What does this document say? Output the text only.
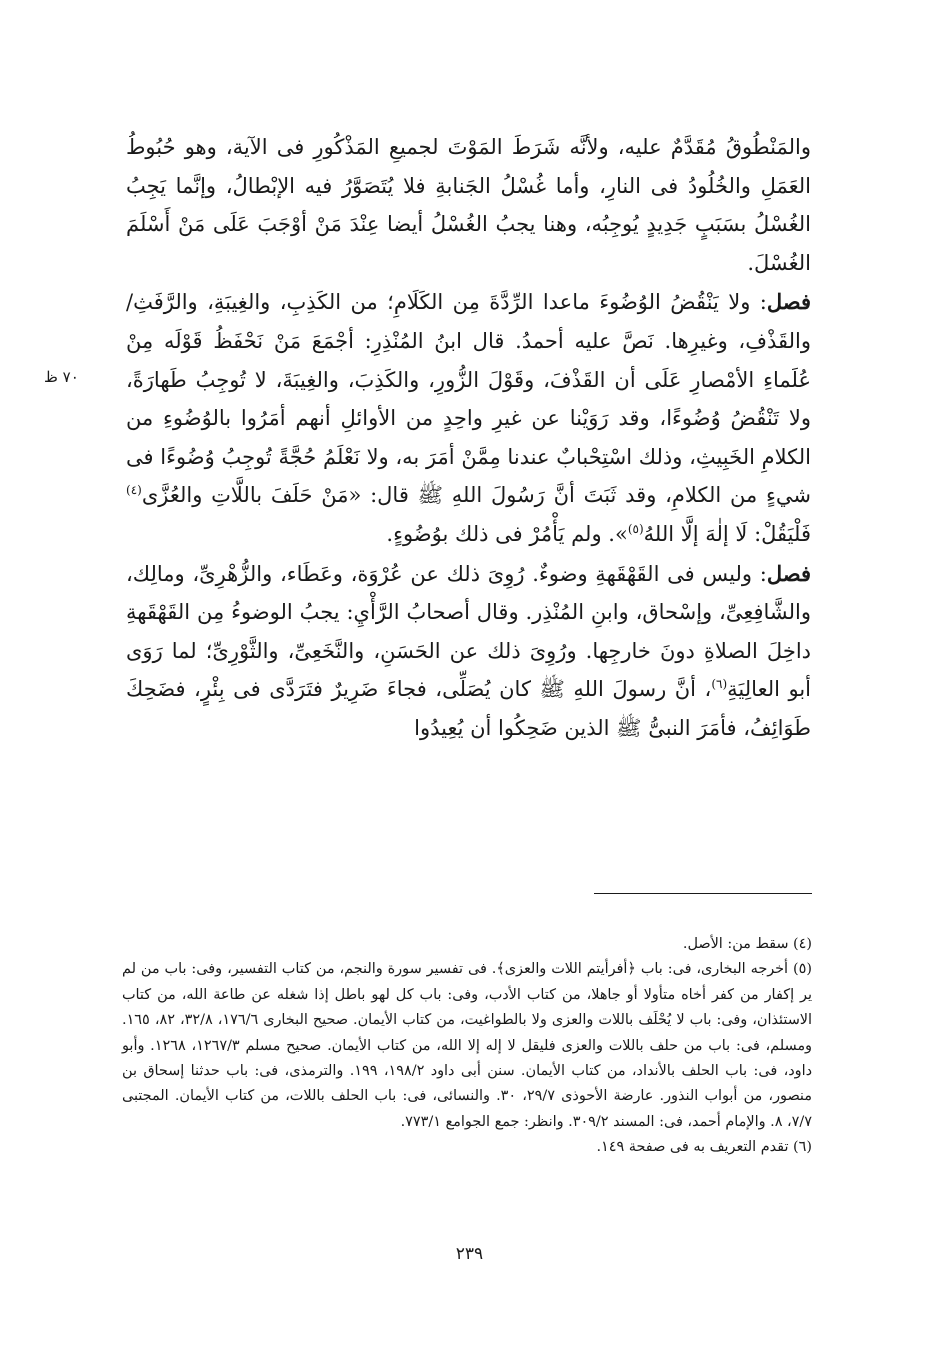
والمَنْطُوقُ مُقَدَّمٌ عليه، ولأنَّه شَرَطَ المَوْتَ لجميعِ المَذْكُورِ فى الآية، وهو حُبُوطُ العَمَلِ والخُلُودُ فى النارِ، وأما غُسْلُ الجَنابةِ فلا يُتَصَوَّرُ فيه الإبْطالُ، وإنَّما يَجِبُ الغُسْلُ بسَبَبٍ جَدِيدٍ يُوجِبُه، وهنا يجبُ الغُسْلُ أيضا عِنْدَ مَنْ أوْجَبَ عَلَى مَنْ أَسْلَمَ الغُسْلَ.

فصل: ولا يَنْقُضُ الوُضُوءَ ماعدا الرِّدَّةَ مِن الكَلَامِ؛ من الكَذِبِ، والغِيبَةِ، والرَّفَثِ/ والقَذْفِ، وغيرِها. نَصَّ عليه أحمدُ. قال ابنُ المُنْذِرِ: أجْمَعَ مَنْ نَحْفَظُ قَوْلَه مِنْ عُلَماءِ الأمْصارِ عَلَى أن القَذْفَ، وقَوْلَ الزُّورِ، والكَذِبَ، والغِيبَةَ، لا تُوجِبُ طَهارَةً، ولا تَنْقُضُ وُضُوءًا، وقد رَوَيْنا عن غيرِ واحِدٍ من الأوائلِ أنهم أمَرُوا بالوُضُوءِ من الكلامِ الخَبِيثِ، وذلك اسْتِحْبابٌ عندنا مِمَّنْ أمَرَ به، ولا نَعْلَمُ حُجَّةً تُوجِبُ وُضُوءًا فى شيءٍ من الكلامِ، وقد ثَبَتَ أنَّ رَسُولَ اللهِ ﷺ قال: «مَنْ حَلَفَ باللَّاتِ والعُزَّى$^{(٤)}$ فَلْيَقُلْ: لَا إلٰهَ إلَّا اللهُ$^{(٥)}$». ولم يَأْمُرْ فى ذلك بوُضُوءٍ.

فصل: وليس فى القَهْقَهةِ وضوءٌ. رُوِىَ ذلك عن عُرْوَة، وعَطَاء، والزُّهْرِىِّ، ومالِك، والشَّافِعِىِّ، وإسْحاق، وابنِ المُنْذِر. وقال أصحابُ الرَّأْيِ: يجبُ الوضوءُ مِن القَهْقَهةِ داخِلَ الصلاةِ دونَ خارجِها. ورُوِىَ ذلك عن الحَسَنِ، والنَّخَعِىِّ، والثَّوْرِىِّ؛ لما رَوَى أبو العالِيَةِ$^{(٦)}$، أنَّ رسولَ اللهِ ﷺ كان يُصَلِّى، فجاءَ ضَرِيرٌ فتَرَدَّى فى بِئْرٍ، فضَحِكَ طَوَائِفُ، فأمَرَ النبىُّ ﷺ الذين ضَحِكُوا أن يُعِيدُوا

٧٠ ظ

(٤) سقط من: الأصل.

(٥) أخرجه البخارى، فى: باب ﴿أفرأيتم اللات والعزى﴾. فى تفسير سورة والنجم، من كتاب التفسير، وفى: باب من لم ير إكفار من كفر أخاه متأولا أو جاهلا، من كتاب الأدب، وفى: باب كل لهو باطل إذا شغله عن طاعة الله، من كتاب الاستئذان، وفى: باب لا يُحْلَف باللات والعزى ولا بالطواغيت، من كتاب الأيمان. صحيح البخارى ٦/‏١٧٦، ٨/‏٣٢، ٨٢، ١٦٥. ومسلم، فى: باب من حلف باللات والعزى فليقل لا إله إلا الله، من كتاب الأيمان. صحيح مسلم ٣/‏١٢٦٧، ١٢٦٨. وأبو داود، فى: باب الحلف بالأنداد، من كتاب الأيمان. سنن أبى داود ٢/‏١٩٨، ١٩٩. والترمذى، فى: باب حدثنا إسحاق بن منصور، من أبواب النذور. عارضة الأحوذى ٧/‏٢٩، ٣٠. والنسائى، فى: باب الحلف باللات، من كتاب الأيمان. المجتبى ٧/‏٧، ٨. والإمام أحمد، فى: المسند ٢/‏٣٠٩. وانظر: جمع الجوامع ١/‏٧٧٣.

(٦) تقدم التعريف به فى صفحة ١٤٩.

٢٣٩
